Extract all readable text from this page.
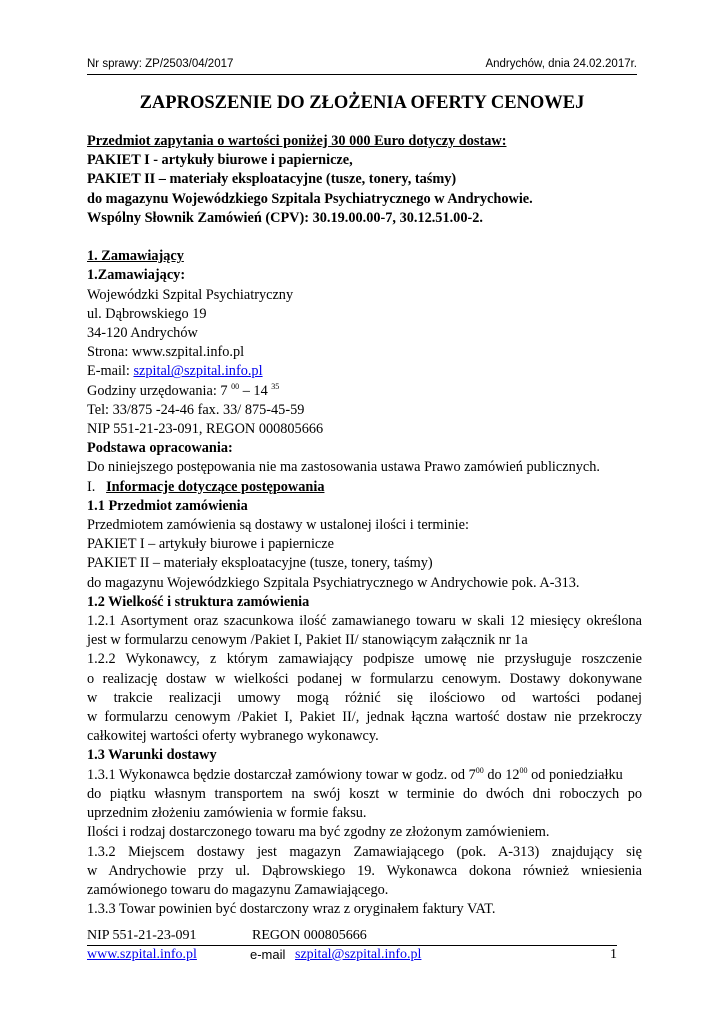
Nr sprawy: ZP/2503/04/2017	Andrychów, dnia 24.02.2017r.
ZAPROSZENIE DO ZŁOŻENIA OFERTY CENOWEJ

Przedmiot zapytania o wartości poniżej 30 000 Euro dotyczy dostaw:

PAKIET I - artykuły biurowe i papiernicze,

PAKIET II – materiały eksploatacyjne (tusze, tonery, taśmy)

do magazynu Wojewódzkiego Szpitala Psychiatrycznego w Andrychowie.

Wspólny Słownik Zamówień (CPV): 30.19.00.00-7, 30.12.51.00-2.

1. Zamawiający

1.Zamawiający:

Wojewódzki Szpital Psychiatryczny

ul. Dąbrowskiego 19

34-120 Andrychów

Strona: www.szpital.info.pl

E-mail: szpital@szpital.info.pl

Godziny urzędowania: 7 $^{00}$ – 14 $^{35}$

Tel: 33/875 -24-46 fax. 33/ 875-45-59

NIP 551-21-23-091, REGON 000805666

Podstawa opracowania:

Do niniejszego postępowania nie ma zastosowania ustawa Prawo zamówień publicznych.

I. Informacje dotyczące postępowania

1.1 Przedmiot zamówienia

Przedmiotem zamówienia są dostawy w ustalonej ilości i terminie:

PAKIET I – artykuły biurowe i papiernicze

PAKIET II – materiały eksploatacyjne (tusze, tonery, taśmy)

do magazynu Wojewódzkiego Szpitala Psychiatrycznego w Andrychowie pok. A-313.

1.2 Wielkość i struktura zamówienia

1.2.1 Asortyment oraz szacunkowa ilość zamawianego towaru w skali 12 miesięcy określona

jest w formularzu cenowym /Pakiet I, Pakiet II/ stanowiącym załącznik nr 1a

1.2.2 Wykonawcy, z którym zamawiający podpisze umowę nie przysługuje roszczenie

o realizację dostaw w wielkości podanej w formularzu cenowym. Dostawy dokonywane

w trakcie realizacji umowy mogą różnić się ilościowo od wartości podanej

w formularzu cenowym /Pakiet I, Pakiet II/, jednak łączna wartość dostaw nie przekroczy

całkowitej wartości oferty wybranego wykonawcy.

1.3 Warunki dostawy

1.3.1 Wykonawca będzie dostarczał zamówiony towar w godz. od $7^{00}$ do $12^{00}$ od poniedziałku

do piątku własnym transportem na swój koszt w terminie do dwóch dni roboczych po

uprzednim złożeniu zamówienia w formie faksu.

Ilości i rodzaj dostarczonego towaru ma być zgodny ze złożonym zamówieniem.

1.3.2 Miejscem dostawy jest magazyn Zamawiającego (pok. A-313) znajdujący się

w Andrychowie przy ul. Dąbrowskiego 19. Wykonawca dokona również wniesienia

zamówionego towaru do magazynu Zamawiającego.

1.3.3 Towar powinien być dostarczony wraz z oryginałem faktury VAT.

NIP 551-21-23-091	REGON 000805666
www.szpital.info.pl	e-mail szpital@szpital.info.pl	1
